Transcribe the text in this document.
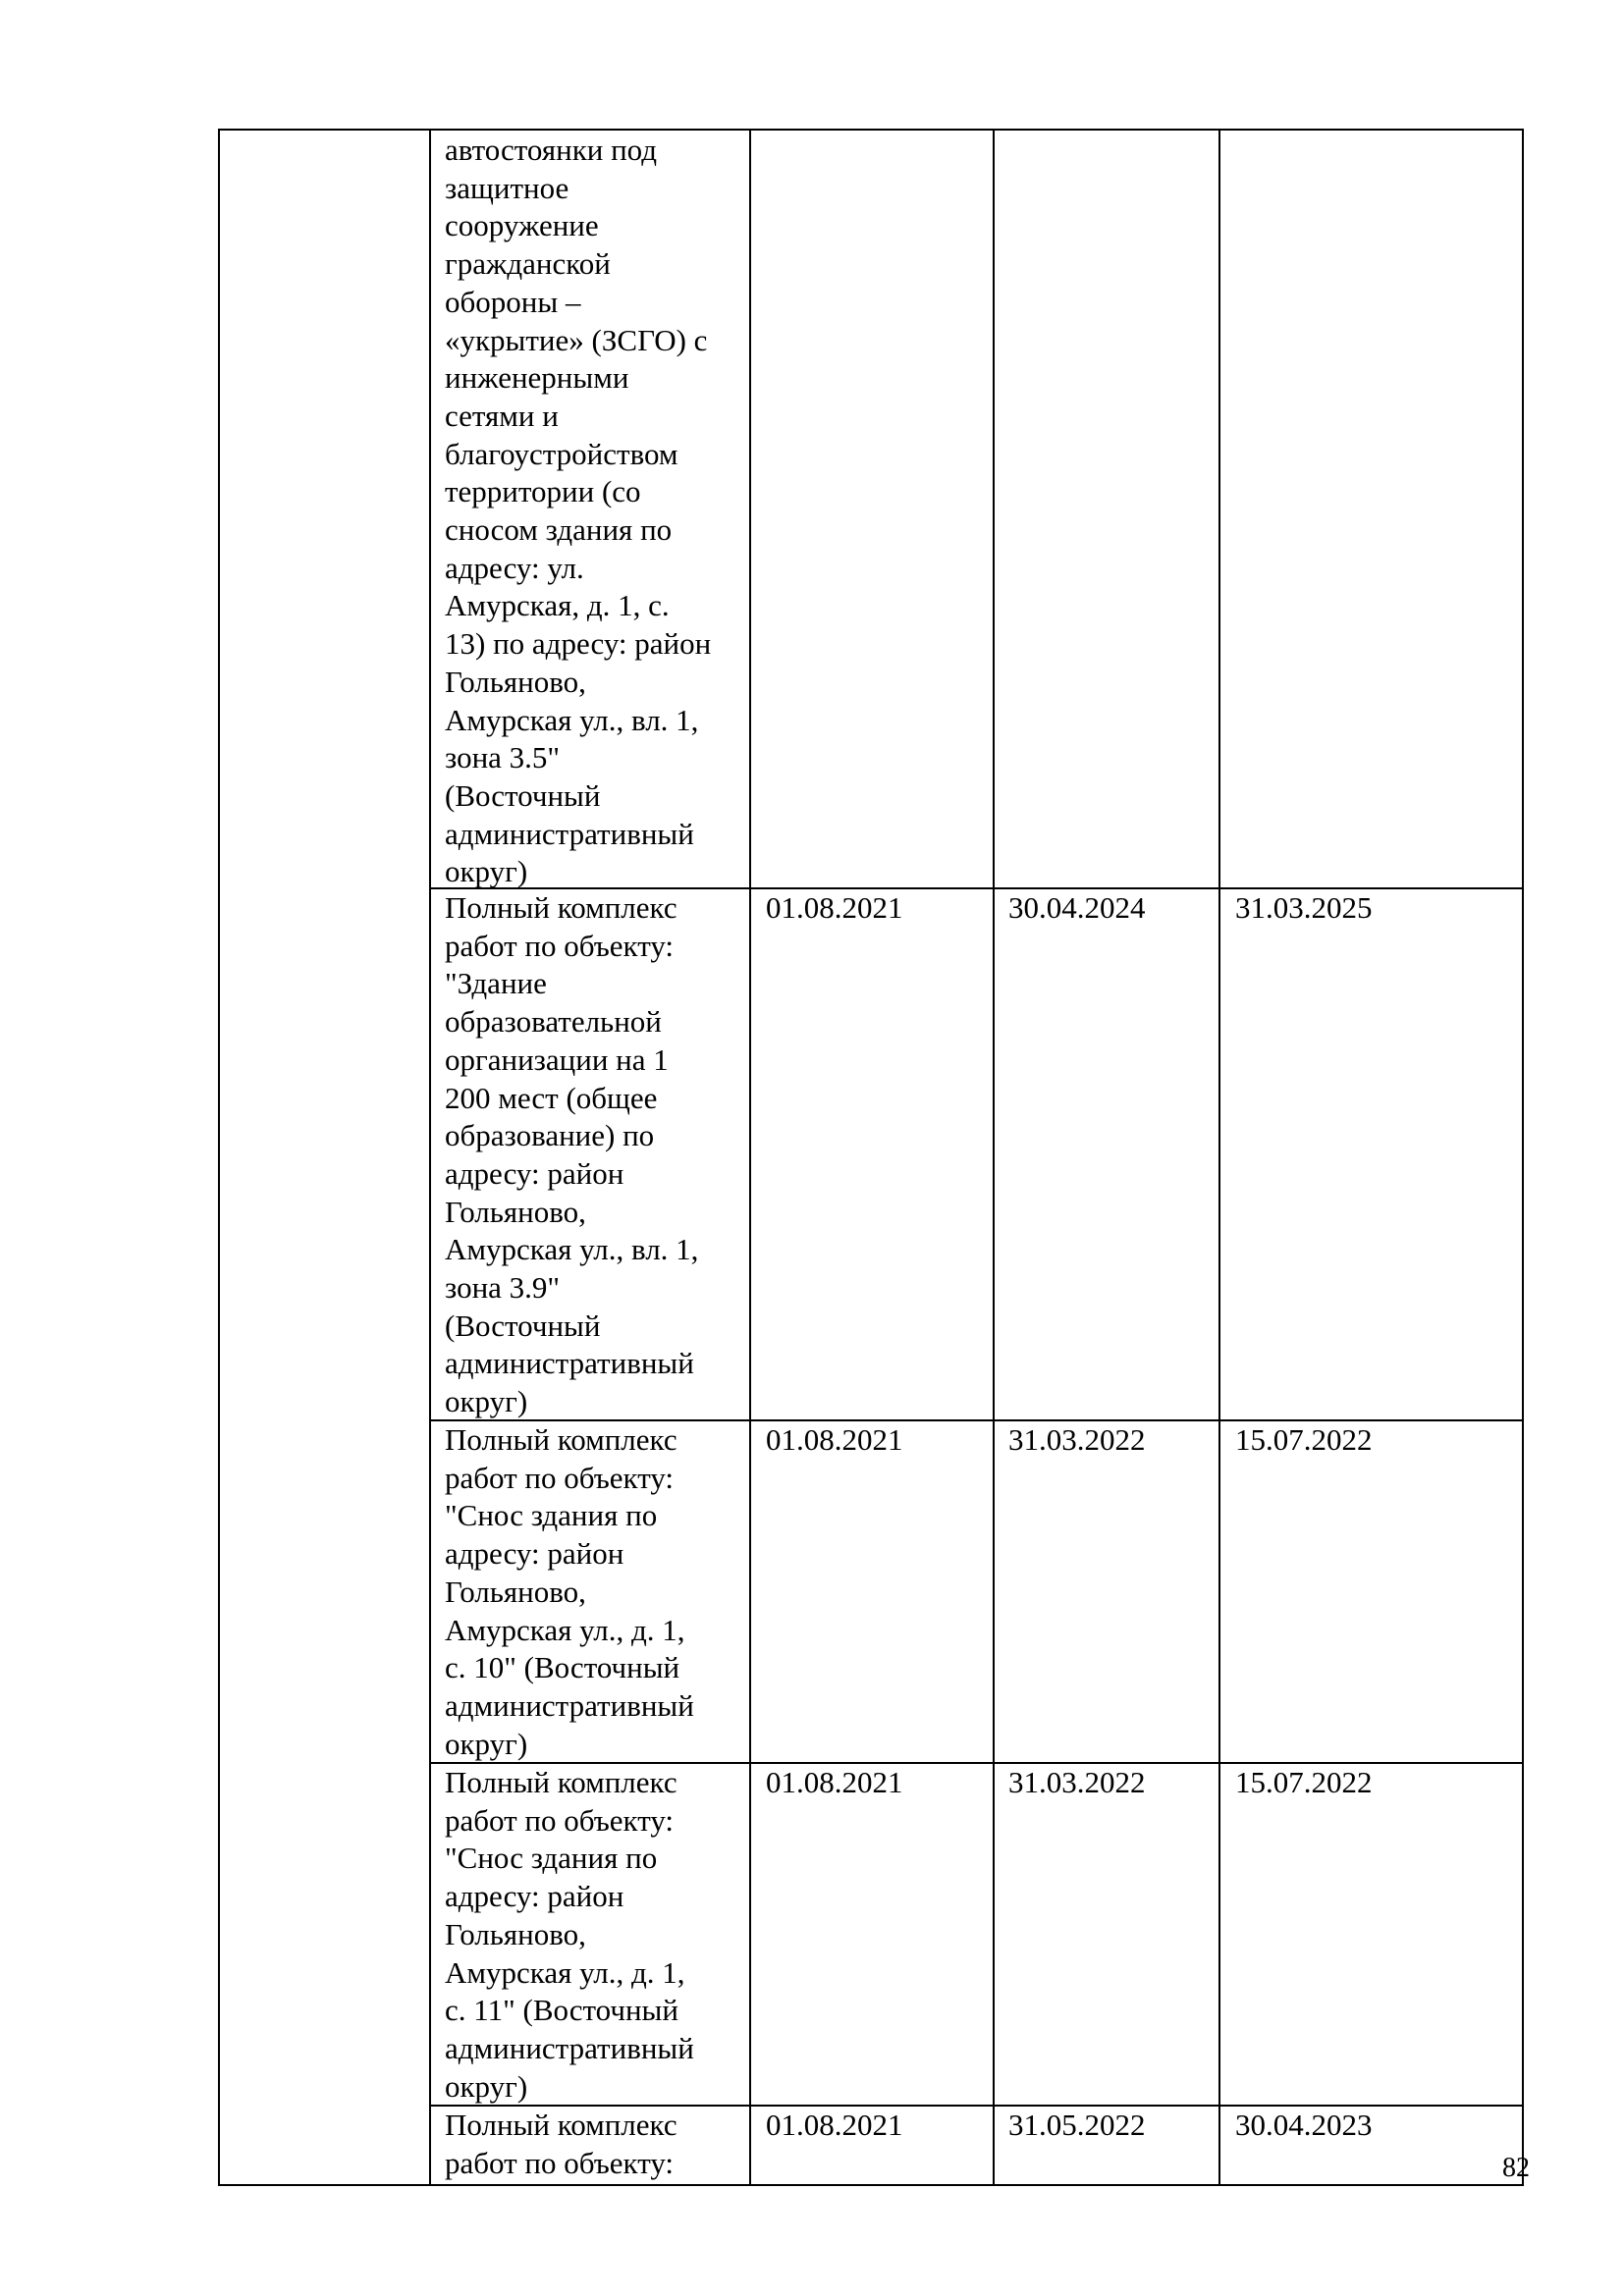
автостоянки под
защитное
сооружение
гражданской
обороны –
«укрытие» (ЗСГО) с
инженерными
сетями и
благоустройством
территории (со
сносом здания по
адресу: ул.
Амурская, д. 1, с.
13) по адресу: район
Гольяново,
Амурская ул., вл. 1,
зона 3.5"
(Восточный
административный
округ)
Полный комплекс
работ по объекту:
"Здание
образовательной
организации на 1
200 мест (общее
образование) по
адресу: район
Гольяново,
Амурская ул., вл. 1,
зона 3.9"
(Восточный
административный
округ)
01.08.2021	30.04.2024	31.03.2025
Полный комплекс
работ по объекту:
"Снос здания по
адресу: район
Гольяново,
Амурская ул., д. 1,
с. 10" (Восточный
административный
округ)
01.08.2021	31.03.2022	15.07.2022
Полный комплекс
работ по объекту:
"Снос здания по
адресу: район
Гольяново,
Амурская ул., д. 1,
с. 11" (Восточный
административный
округ)
01.08.2021	31.03.2022	15.07.2022
Полный комплекс
работ по объекту:
01.08.2021	31.05.2022	30.04.2023
82
